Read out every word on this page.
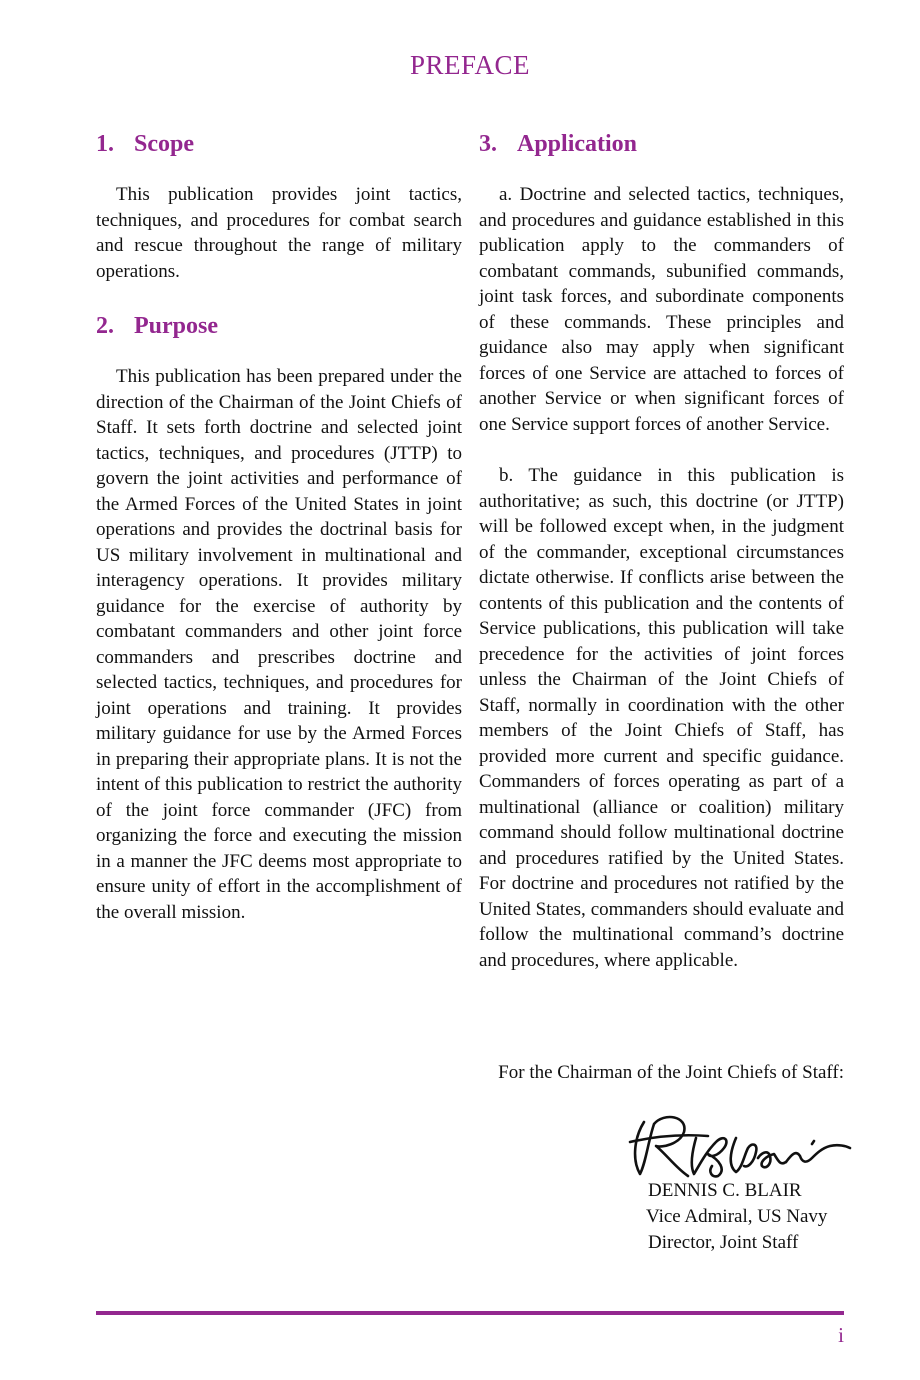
PREFACE
1. Scope

This publication provides joint tactics, techniques, and procedures for combat search and rescue throughout the range of military operations.

2. Purpose

This publication has been prepared under the direction of the Chairman of the Joint Chiefs of Staff. It sets forth doctrine and selected joint tactics, techniques, and procedures (JTTP) to govern the joint activities and performance of the Armed Forces of the United States in joint operations and provides the doctrinal basis for US military involvement in multinational and interagency operations. It provides military guidance for the exercise of authority by combatant commanders and other joint force commanders and prescribes doctrine and selected tactics, techniques, and procedures for joint operations and training. It provides military guidance for use by the Armed Forces in preparing their appropriate plans. It is not the intent of this publication to restrict the authority of the joint force commander (JFC) from organizing the force and executing the mission in a manner the JFC deems most appropriate to ensure unity of effort in the accomplishment of the overall mission.

3. Application

a. Doctrine and selected tactics, techniques, and procedures and guidance established in this publication apply to the commanders of combatant commands, subunified commands, joint task forces, and subordinate components of these commands. These principles and guidance also may apply when significant forces of one Service are attached to forces of another Service or when significant forces of one Service support forces of another Service.

b. The guidance in this publication is authoritative; as such, this doctrine (or JTTP) will be followed except when, in the judgment of the commander, exceptional circumstances dictate otherwise. If conflicts arise between the contents of this publication and the contents of Service publications, this publication will take precedence for the activities of joint forces unless the Chairman of the Joint Chiefs of Staff, normally in coordination with the other members of the Joint Chiefs of Staff, has provided more current and specific guidance. Commanders of forces operating as part of a multinational (alliance or coalition) military command should follow multinational doctrine and procedures ratified by the United States. For doctrine and procedures not ratified by the United States, commanders should evaluate and follow the multinational command’s doctrine and procedures, where applicable.

For the Chairman of the Joint Chiefs of Staff:
DENNIS C. BLAIR
Vice Admiral, US Navy
Director, Joint Staff
i
